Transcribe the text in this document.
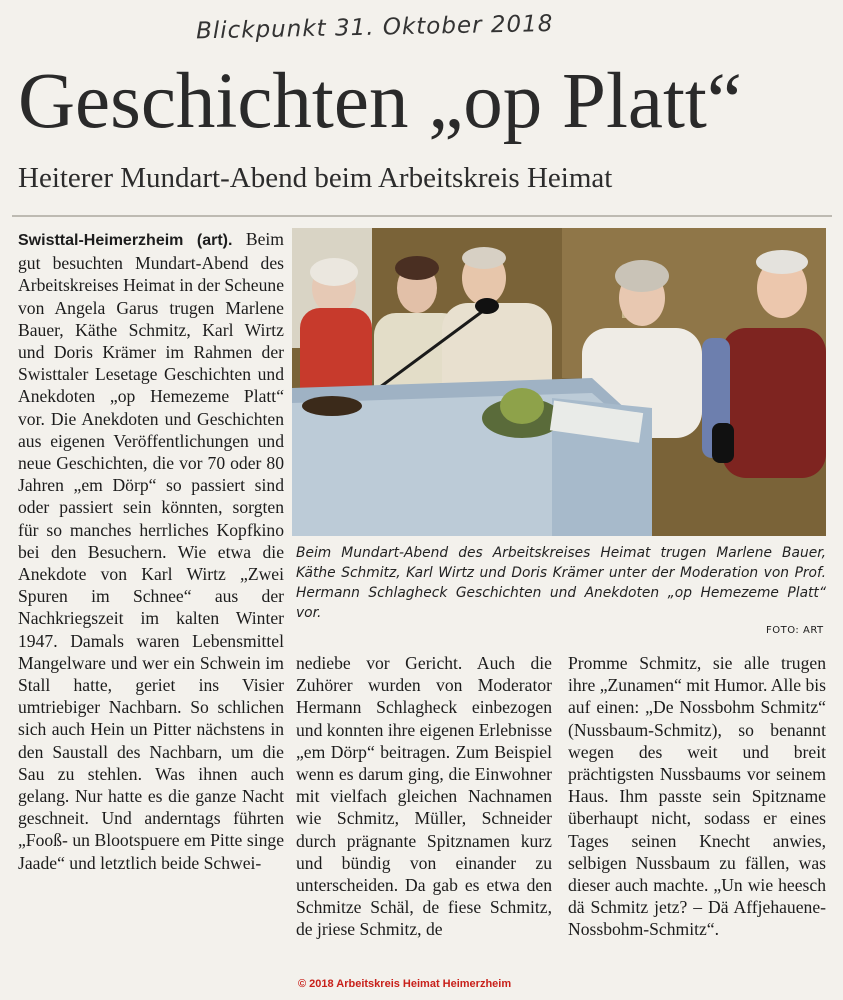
Blickpunkt 31. Oktober 2018
Geschichten „op Platt“
Heiterer Mundart-Abend beim Arbeitskreis Heimat

Swisttal-Heimerzheim (art). Beim gut besuchten Mundart-Abend des Arbeitskreises Heimat in der Scheune von Angela Garus trugen Marlene Bauer, Käthe Schmitz, Karl Wirtz und Doris Krämer im Rahmen der Swisttaler Lesetage Geschichten und Anekdoten „op Hemezeme Platt“ vor. Die Anekdoten und Geschichten aus eigenen Veröffentlichungen und neue Geschichten, die vor 70 oder 80 Jahren „em Dörp“ so passiert sind oder passiert sein könnten, sorgten für so manches herrliches Kopfkino bei den Besuchern. Wie etwa die Anekdote von Karl Wirtz „Zwei Spuren im Schnee“ aus der Nachkriegszeit im kalten Winter 1947. Damals waren Lebensmittel Mangelware und wer ein Schwein im Stall hatte, geriet ins Visier umtriebiger Nachbarn. So schlichen sich auch Hein un Pitter nächstens in den Saustall des Nachbarn, um die Sau zu stehlen. Was ihnen auch gelang. Nur hatte es die ganze Nacht geschneit. Und anderntags führten „Fooß- un Blootspuere em Pitte singe Jaade“ und letztlich beide Schwei-

Beim Mundart-Abend des Arbeitskreises Heimat trugen Marlene Bauer, Käthe Schmitz, Karl Wirtz und Doris Krämer unter der Moderation von Prof. Hermann Schlagheck Geschichten und Anekdoten „op Hemezeme Platt“ vor.

FOTO: ART

nediebe vor Gericht. Auch die Zuhörer wurden von Moderator Hermann Schlagheck einbezogen und konnten ihre eigenen Erlebnisse „em Dörp“ beitragen. Zum Beispiel wenn es darum ging, die Einwohner mit vielfach gleichen Nachnamen wie Schmitz, Müller, Schneider durch prägnante Spitznamen kurz und bündig von einander zu unterscheiden. Da gab es etwa den Schmitze Schäl, de fiese Schmitz, de jriese Schmitz, de

Promme Schmitz, sie alle trugen ihre „Zunamen“ mit Humor. Alle bis auf einen: „De Nossbohm Schmitz“ (Nussbaum-Schmitz), so benannt wegen des weit und breit prächtigsten Nussbaums vor seinem Haus. Ihm passte sein Spitzname überhaupt nicht, sodass er eines Tages seinen Knecht anwies, selbigen Nussbaum zu fällen, was dieser auch machte. „Un wie heesch dä Schmitz jetz? – Dä Affjehauene-Nossbohm-Schmitz“.

© 2018 Arbeitskreis Heimat Heimerzheim
